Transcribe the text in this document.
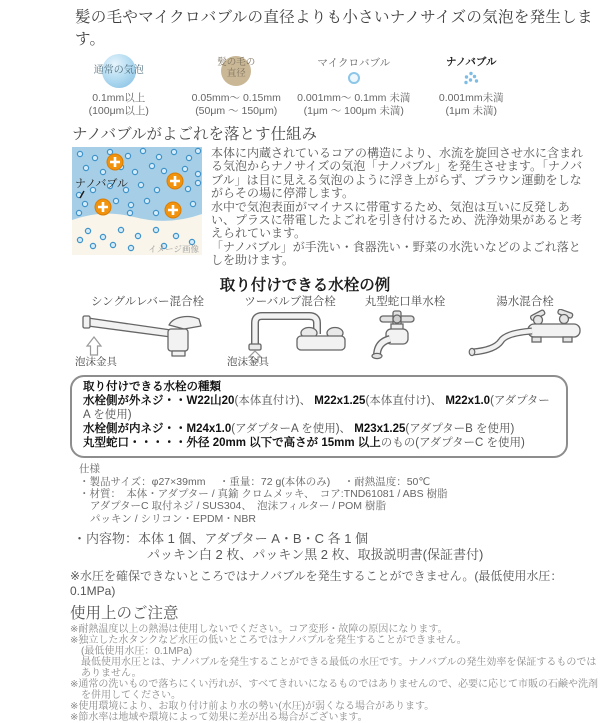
髪の毛やマイクロバブルの直径よりも小さいナノサイズの気泡を発生します。
通常の気泡
0.1mm以上
(100μm以上)
髪の毛の直径
0.05mm〜 0.15mm
(50μm 〜 150μm)
マイクロバブル
0.001mm〜 0.1mm 未満
(1μm 〜 100μm 未満)
ナノバブル
0.001mm未満
(1μm 未満)
ナノバブルがよごれを落とす仕組み
ナノバブル
イメージ画像

本体に内蔵されているコアの構造により、水流を旋回させ水に含まれる気泡からナノサイズの気泡「ナノバブル」を発生させます。「ナノバブル」は目に見える気泡のように浮き上がらず、ブラウン運動をしながらその場に停滞します。

水中で気泡表面がマイナスに帯電するため、気泡は互いに反発しあい、プラスに帯電したよごれを引き付けるため、洗浄効果があると考えられています。

「ナノバブル」が手洗い・食器洗い・野菜の水洗いなどのよごれ落としを助けます。

取り付けできる水栓の例
シングルレバー混合栓
泡沫金具
ツーバルブ混合栓
泡沫金具
丸型蛇口単水栓	湯水混合栓

取り付けできる水栓の種類

水栓側が外ネジ・・W22山20(本体直付け)、 M22x1.25(本体直付け)、 M22x1.0(アダプターA を使用)

水栓側が内ネジ・・M24x1.0(アダプターA を使用)、 M23x1.25(アダプターB を使用)

丸型蛇口・・・・・外径 20mm 以下で高さが 15mm 以上のもの(アダプターC を使用)

仕様

・製品サイズ：φ27×39mm　 ・重量：72 g(本体のみ)　 ・耐熱温度：50℃

・材質：　本体・アダプター / 真鍮 クロムメッキ、　コア:TND61081 / ABS 樹脂

アダプターC 取付ネジ / SUS304、　泡沫フィルター / POM 樹脂

パッキン / シリコン・EPDM・NBR

・内容物：本体 1 個、アダプター A・B・C 各 1 個

パッキン白 2 枚、パッキン黒 2 枚、取扱説明書(保証書付)

※水圧を確保できないところではナノバブルを発生することができません。(最低使用水圧：0.1MPa)

使用上のご注意

※耐熱温度以上の熱湯は使用しないでください。コア変形・故障の原因になります。

※独立した水タンクなど水圧の低いところではナノバブルを発生することができません。

(最低使用水圧：0.1MPa)

最低使用水圧とは、ナノバブルを発生することができる最低の水圧です。ナノバブルの発生効率を保証するものではありません。

※通常の洗いもので落ちにくい汚れが、すべてきれいになるものではありませんので、必要に応じて市販の石鹸や洗剤を併用してください。

※使用環境により、お取り付け前より水の勢い(水圧)が弱くなる場合があります。

※節水率は地域や環境によって効果に差が出る場合がございます。
